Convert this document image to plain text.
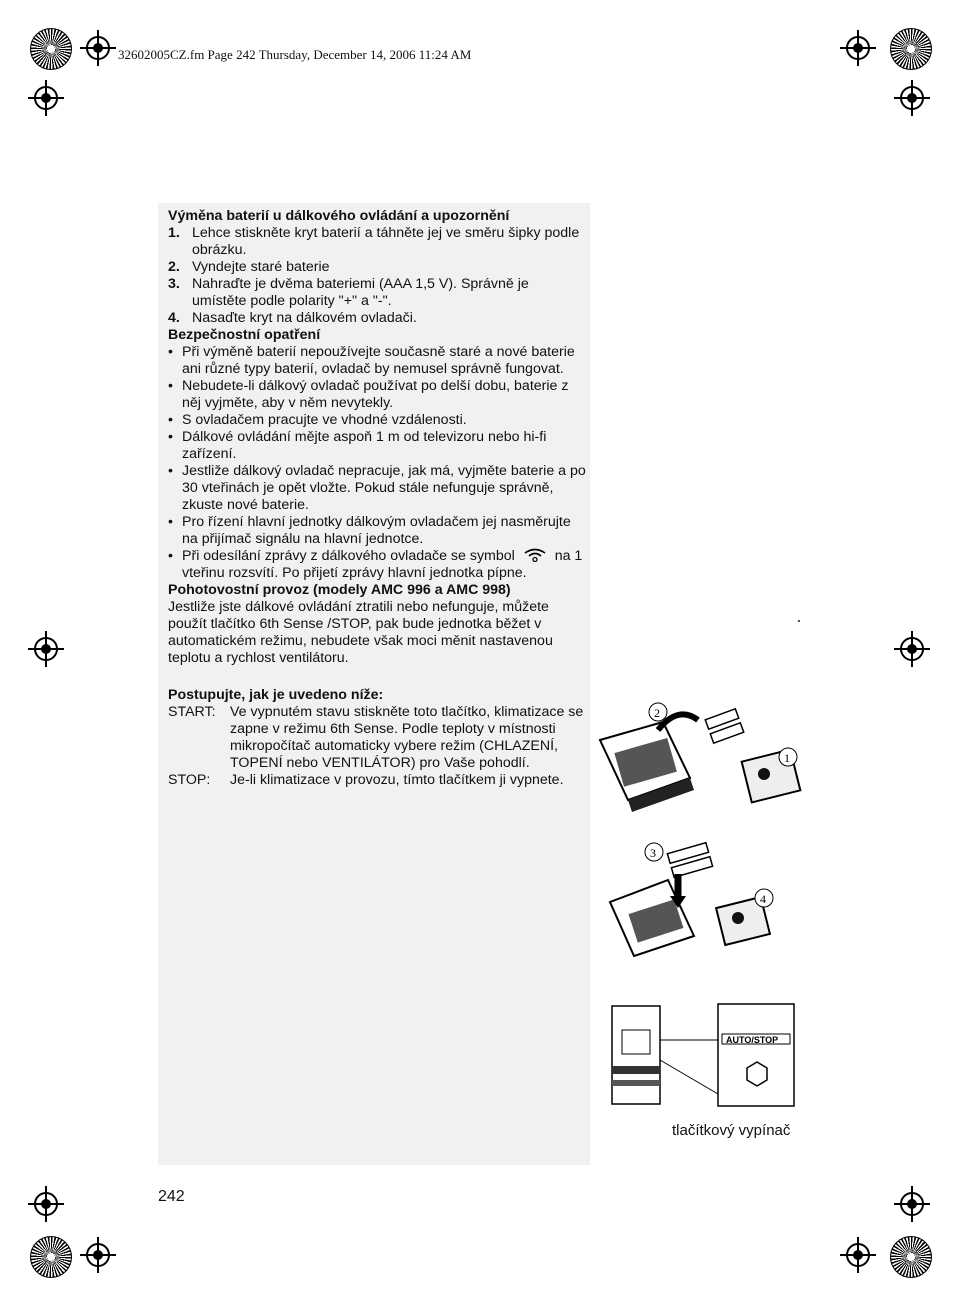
32602005CZ.fm Page 242 Thursday, December 14, 2006 11:24 AM
Výměna baterií u dálkového ovládání a upozornění
1. Lehce stiskněte kryt baterií a táhněte jej ve směru šipky podle obrázku.
2. Vyndejte staré baterie
3. Nahraďte je dvěma bateriemi (AAA 1,5 V). Správně je umístěte podle polarity "+" a "-".
4. Nasaďte kryt na dálkovém ovladači.
Bezpečnostní opatření
• Při výměně baterií nepoužívejte současně staré a nové baterie ani různé typy baterií, ovladač by nemusel správně fungovat.
• Nebudete-li dálkový ovladač používat po delší dobu, baterie z něj vyjměte, aby v něm nevytekly.
• S ovladačem pracujte ve vhodné vzdálenosti.
• Dálkové ovládání mějte aspoň 1 m od televizoru nebo hi-fi zařízení.
• Jestliže dálkový ovladač nepracuje, jak má, vyjměte baterie a po 30 vteřinách je opět vložte. Pokud stále nefunguje správně, zkuste nové baterie.
• Pro řízení hlavní jednotky dálkovým ovladačem jej nasměrujte na přijímač signálu na hlavní jednotce.
• Při odesílání zprávy z dálkového ovladače se symbol	na 1 vteřinu rozsvítí. Po přijetí zprávy hlavní jednotka pípne.
Pohotovostní provoz (modely AMC 996 a AMC 998)
Jestliže jste dálkové ovládání ztratili nebo nefunguje, můžete použít tlačítko 6th Sense /STOP, pak bude jednotka běžet v automatickém režimu, nebudete však moci měnit nastavenou teplotu a rychlost ventilátoru.
Postupujte, jak je uvedeno níže:
START:	Ve vypnutém stavu stiskněte toto tlačítko, klimatizace se zapne v režimu 6th Sense. Podle teploty v místnosti mikropočítač automaticky vybere režim (CHLAZENÍ, TOPENÍ nebo VENTILÁTOR) pro Vaše pohodlí.
STOP:	Je-li klimatizace v provozu, tímto tlačítkem ji vypnete.
2
1
3
4
AUTO/STOP
tlačítkový vypínač
242
